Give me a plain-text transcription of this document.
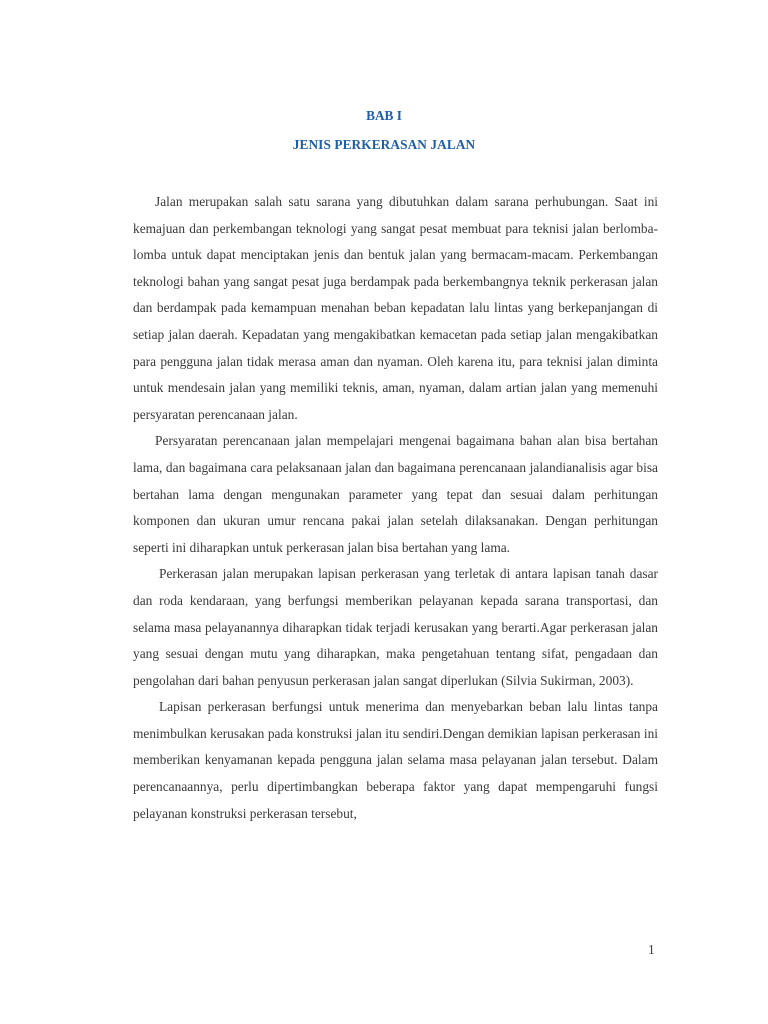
BAB I
JENIS PERKERASAN JALAN

Jalan merupakan salah satu sarana yang dibutuhkan dalam sarana perhubungan. Saat ini kemajuan dan perkembangan teknologi yang sangat pesat membuat para teknisi jalan berlomba-lomba untuk dapat menciptakan jenis dan bentuk jalan yang bermacam-macam. Perkembangan teknologi bahan yang sangat pesat juga berdampak pada berkembangnya teknik perkerasan jalan dan berdampak pada kemampuan menahan beban kepadatan lalu lintas yang berkepanjangan di setiap jalan daerah. Kepadatan yang mengakibatkan kemacetan pada setiap jalan mengakibatkan para pengguna jalan tidak merasa aman dan nyaman. Oleh karena itu, para teknisi jalan diminta untuk mendesain jalan yang memiliki teknis, aman, nyaman, dalam artian jalan yang memenuhi persyaratan perencanaan jalan.

Persyaratan perencanaan jalan mempelajari mengenai bagaimana bahan alan bisa bertahan lama, dan bagaimana cara pelaksanaan jalan dan bagaimana perencanaan jalandianalisis agar bisa bertahan lama dengan mengunakan parameter yang tepat dan sesuai dalam perhitungan komponen dan ukuran umur rencana pakai jalan setelah dilaksanakan. Dengan perhitungan seperti ini diharapkan untuk perkerasan jalan bisa bertahan yang lama.

Perkerasan jalan merupakan lapisan perkerasan yang terletak di antara lapisan tanah dasar dan roda kendaraan, yang berfungsi memberikan pelayanan kepada sarana transportasi, dan selama masa pelayanannya diharapkan tidak terjadi kerusakan yang berarti.Agar perkerasan jalan yang sesuai dengan mutu yang diharapkan, maka pengetahuan tentang sifat, pengadaan dan pengolahan dari bahan penyusun perkerasan jalan sangat diperlukan (Silvia Sukirman, 2003).

Lapisan perkerasan berfungsi untuk menerima dan menyebarkan beban lalu lintas tanpa menimbulkan kerusakan pada konstruksi jalan itu sendiri.Dengan demikian lapisan perkerasan ini memberikan kenyamanan kepada pengguna jalan selama masa pelayanan jalan tersebut. Dalam perencanaannya, perlu dipertimbangkan beberapa faktor yang dapat mempengaruhi fungsi pelayanan konstruksi perkerasan tersebut,

1
